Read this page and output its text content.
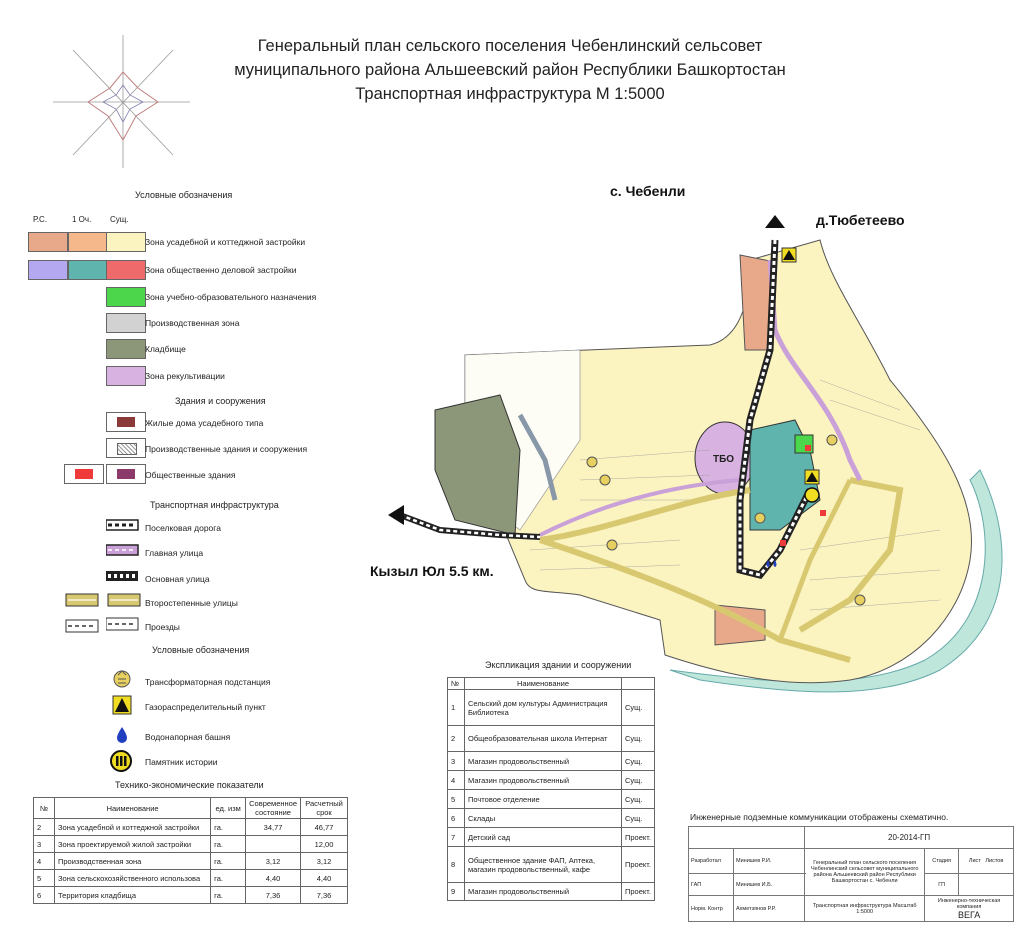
Генеральный план сельского поселения Чебенлинский сельсовет
муниципального района Альшеевский район Республики Башкортостан
Транспортная инфраструктура М 1:5000
Условные обозначения
Р.С.	1 Оч. Сущ.
Зона усадебной и коттеджной застройки
Зона общественно деловой застройки
Зона учебно-образовательного назначения
Производственная зона
Кладбище
Зона рекультивации
Здания и сооружения
Жилые дома усадебного типа
Производственные здания и сооружения
Общественные здания
Транспортная инфраструктура
Поселковая дорога
Главная улица
Основная улица
Второстепенные улицы
Проезды
Условные обозначения
Трансформаторная подстанция
Газораспределительный пункт
Водонапорная башня
Памятник истории
Технико-экономические показатели
№	Наименование	ед. изм	Современное состояние	Расчетный срок
2	Зона усадебной и коттеджной застройки	га.	34,77	46,77
3	Зона проектируемой жилой застройки	га.		12,00
4	Производственная зона	га.	3,12	3,12
5	Зона сельскохозяйственного использова	га.	4,40	4,40
6	Территория кладбища	га.	7,36	7,36
ТБО
с. Чебенли
д.Тюбетеево
Кызыл Юл 5.5 км.
Экспликация здании и сооружении
№	Наименование	
1	Сельский дом культуры Администрация Библиотека	Сущ.
2	Общеобразовательная школа Интернат	Сущ.
3	Магазин продовольственный	Сущ.
4	Магазин продовольственный	Сущ.
5	Почтовое отделение	Сущ.
6	Склады	Сущ.
7	Детский сад	Проект.
8	Общественное здание ФАП, Аптека, магазин продовольственный, кафе	Проект.
9	Магазин продовольственный	Проект.
Инженерные подземные коммуникации отображены схематично.
		20-2014-ГП		
Разработал	Минишев Р.И.	Генеральный план сельского поселения Чебенлинский сельсовет муниципального района Альшеевский район Республики Башкортостан с. Чебенли	Стадия	Лист Листов
ГАП	Минишев И.Б.		ГП	
Норм. Контр	Ахметзянов Р.Р.	Транспортная инфраструктура Масштаб 1:5000	Инженерно-техническая компания
ВЕГА	
